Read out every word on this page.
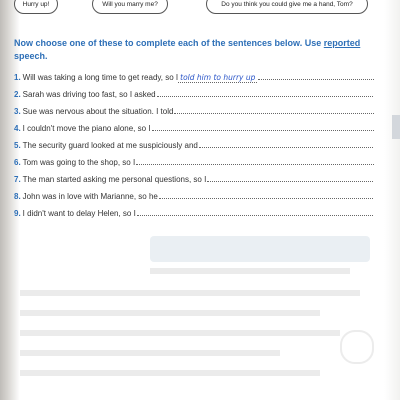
Hurry up!	Will you marry me?	Do you think you could give me a hand, Tom?
Now choose one of these to complete each of the sentences below. Use reported
speech.
1. Will was taking a long time to get ready, so I told him to hurry up
2. Sarah was driving too fast, so I asked
3. Sue was nervous about the situation. I told
4. I couldn't move the piano alone, so I
5. The security guard looked at me suspiciously and
6. Tom was going to the shop, so I
7. The man started asking me personal questions, so I
8. John was in love with Marianne, so he
9. I didn't want to delay Helen, so I
